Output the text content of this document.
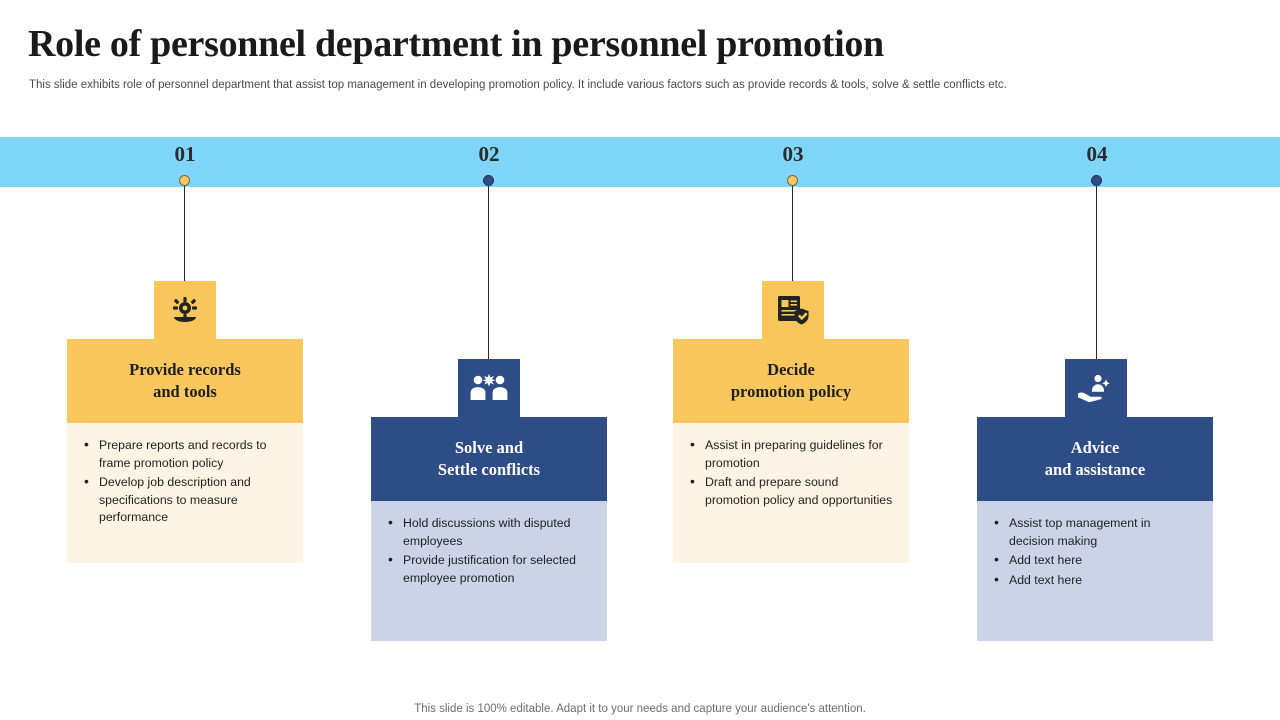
Role of personnel department in personnel promotion
This slide exhibits role of personnel department that assist top management in developing promotion policy. It include various factors such as provide records & tools, solve & settle conflicts etc.
01	02	03	04
Provide records
and tools
• Prepare reports and records to frame promotion policy
• Develop job description and specifications to measure performance
Solve and
Settle conflicts
• Hold discussions with disputed employees
• Provide justification for selected employee promotion
Decide
promotion policy
• Assist in preparing guidelines for promotion
• Draft and prepare sound promotion policy and opportunities
Advice
and assistance
• Assist top management in decision making
• Add text here
• Add text here
This slide is 100% editable. Adapt it to your needs and capture your audience's attention.
